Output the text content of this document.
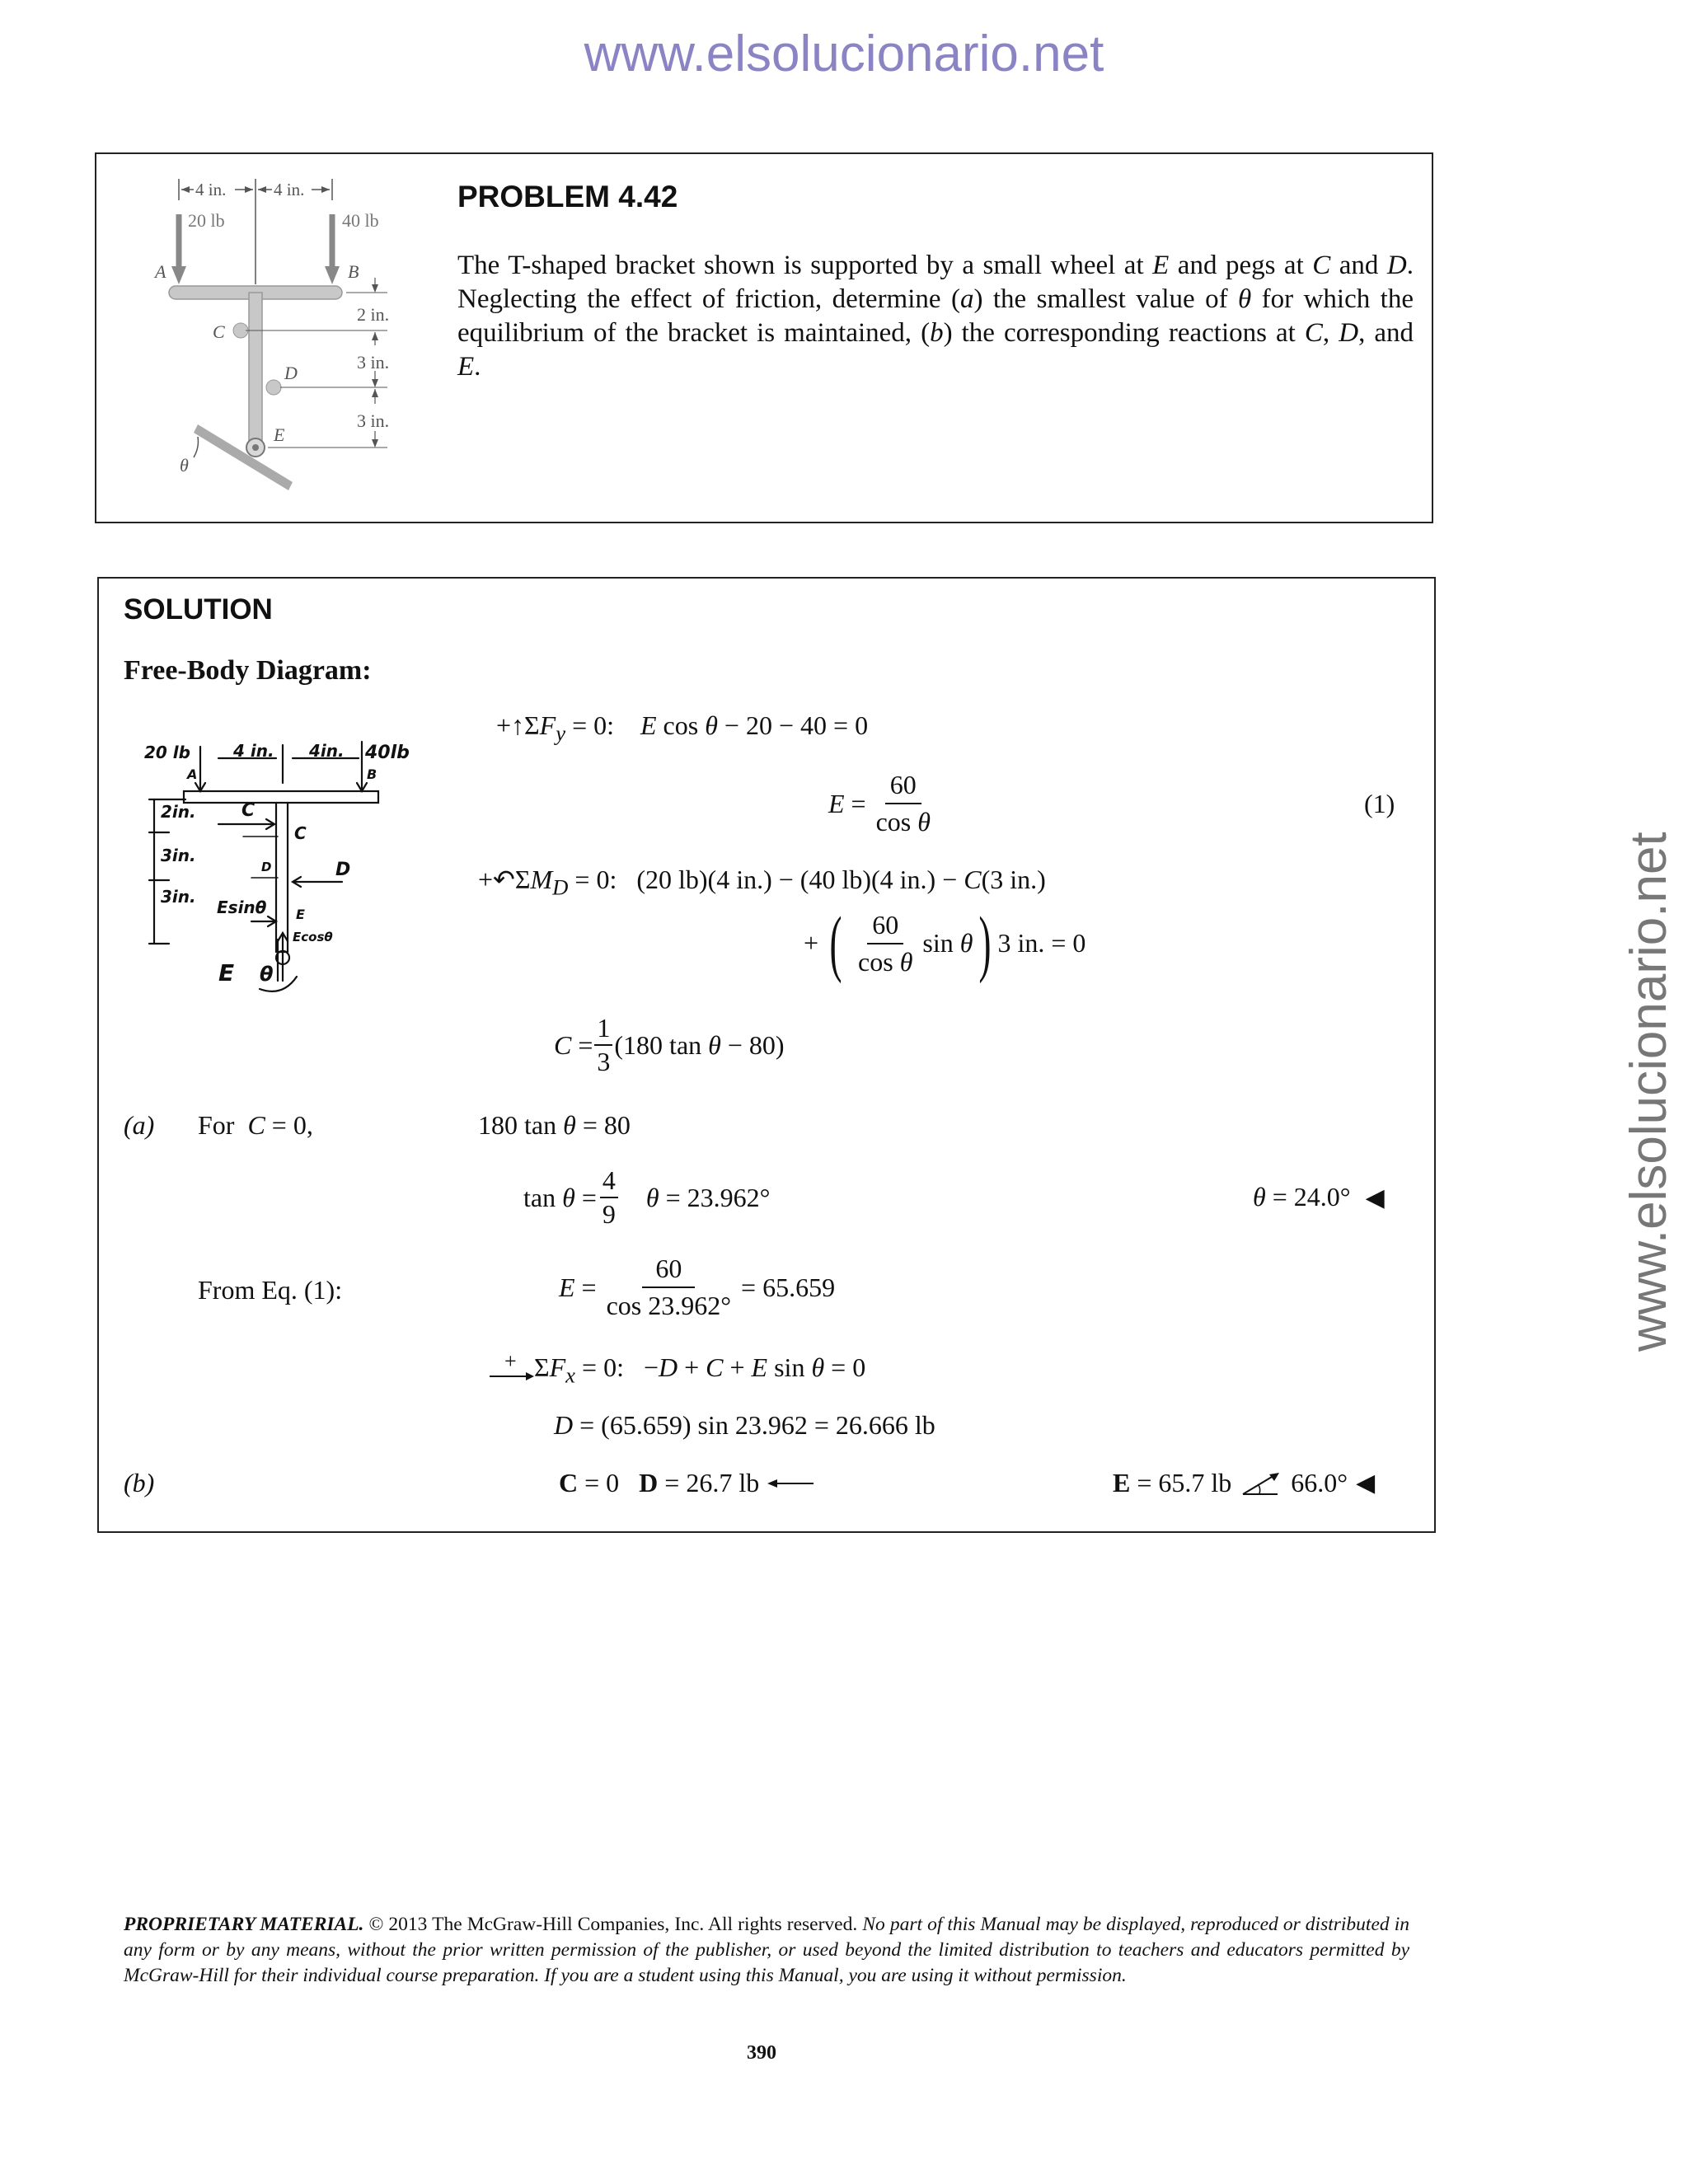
www.elsolucionario.net
www.elsolucionario.net
4 in.	4 in.
20 lb	40 lb
A	B
C
D
E
θ
2 in.
3 in.
3 in.
PROBLEM 4.42
The T-shaped bracket shown is supported by a small wheel at E and pegs at C and D. Neglecting the effect of friction, determine (a) the smallest value of θ for which the equilibrium of the bracket is maintained, (b) the corresponding reactions at C, D, and E.
SOLUTION
Free-Body Diagram:
20 lb	4 in. 4in. 40lb
A	B
2in.	C
C
3in.
D	D
3in.
Esinθ E
Ecosθ
E θ
$+↑\Sigma F_y = 0$:    E cos θ − 20 − 40 = 0
$E = \frac{60}{\text{cos θ}}$	(1)
$+↶\Sigma M_D = 0$:   (20 lb)(4 in.) − (40 lb)(4 in.) − C(3 in.)
+ ( $\frac{60}{\text{cos θ}}$ sin θ ) 3 in. = 0
$C = \frac{1}{3} (180$ tan θ − 80)
(a) For  C = 0,	180 tan θ = 80
$\tan \theta = \frac{4}{9}$ θ = 23.962°	θ = 24.0° ◀
From Eq. (1):	$E = \frac{60}{\cos 23.962^\circ} = 65.659$
+ $\Sigma F_x = 0$:   −D + C + E sin θ = 0
D = (65.659) sin 23.962 = 26.666 lb
(b)	C = 0   D = 26.7 lb	E = 65.7 lb 66.0° ◀
PROPRIETARY MATERIAL. © 2013 The McGraw-Hill Companies, Inc. All rights reserved. No part of this Manual may be displayed, reproduced or distributed in any form or by any means, without the prior written permission of the publisher, or used beyond the limited distribution to teachers and educators permitted by McGraw-Hill for their individual course preparation. If you are a student using this Manual, you are using it without permission.
390
